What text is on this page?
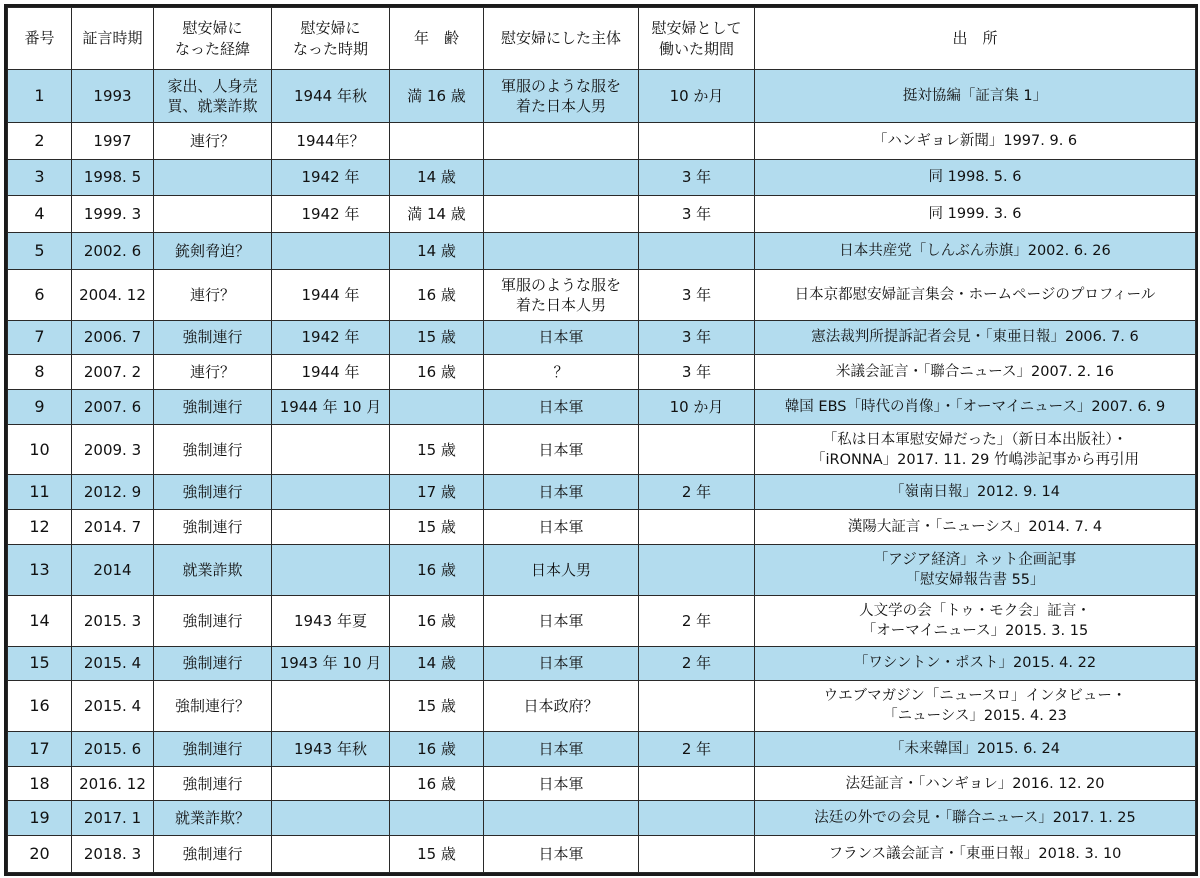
番号	証言時期	慰安婦に
なった経緯	慰安婦に
なった時期	年　齢	慰安婦にした主体	慰安婦として
働いた期間	出　所
1	1993	家出、人身売
買、就業詐欺	1944 年秋	満 16 歳	軍服のような服を
着た日本人男	10 か月	挺対協編「証言集 1」
2	1997	連行？	1944年？				「ハンギョレ新聞」1997. 9. 6
3	1998. 5		1942 年	14 歳		3 年	同 1998. 5. 6
4	1999. 3		1942 年	満 14 歳		3 年	同 1999. 3. 6
5	2002. 6	銃剣脅迫？		14 歳			日本共産党「しんぶん赤旗」2002. 6. 26
6	2004. 12	連行？	1944 年	16 歳	軍服のような服を
着た日本人男	3 年	日本京都慰安婦証言集会・ホームページのプロフィール
7	2006. 7	強制連行	1942 年	15 歳	日本軍	3 年	憲法裁判所提訴記者会見・「東亜日報」2006. 7. 6
8	2007. 2	連行？	1944 年	16 歳	？	3 年	米議会証言・「聯合ニュース」2007. 2. 16
9	2007. 6	強制連行	1944 年 10 月		日本軍	10 か月	韓国 EBS「時代の肖像」・「オーマイニュース」2007. 6. 9
10	2009. 3	強制連行		15 歳	日本軍		「私は日本軍慰安婦だった」（新日本出版社）・
「iRONNA」2017. 11. 29 竹嶋渉記事から再引用
11	2012. 9	強制連行		17 歳	日本軍	2 年	「嶺南日報」2012. 9. 14
12	2014. 7	強制連行		15 歳	日本軍		漢陽大証言・「ニューシス」2014. 7. 4
13	2014	就業詐欺		16 歳	日本人男		「アジア経済」ネット企画記事
「慰安婦報告書 55」
14	2015. 3	強制連行	1943 年夏	16 歳	日本軍	2 年	人文学の会「トゥ・モク会」証言・
「オーマイニュース」2015. 3. 15
15	2015. 4	強制連行	1943 年 10 月	14 歳	日本軍	2 年	「ワシントン・ポスト」2015. 4. 22
16	2015. 4	強制連行？		15 歳	日本政府？		ウエブマガジン「ニュースロ」インタビュー・
「ニューシス」2015. 4. 23
17	2015. 6	強制連行	1943 年秋	16 歳	日本軍	2 年	「未来韓国」2015. 6. 24
18	2016. 12	強制連行		16 歳	日本軍		法廷証言・「ハンギョレ」2016. 12. 20
19	2017. 1	就業詐欺？					法廷の外での会見・「聯合ニュース」2017. 1. 25
20	2018. 3	強制連行		15 歳	日本軍		フランス議会証言・「東亜日報」2018. 3. 10
